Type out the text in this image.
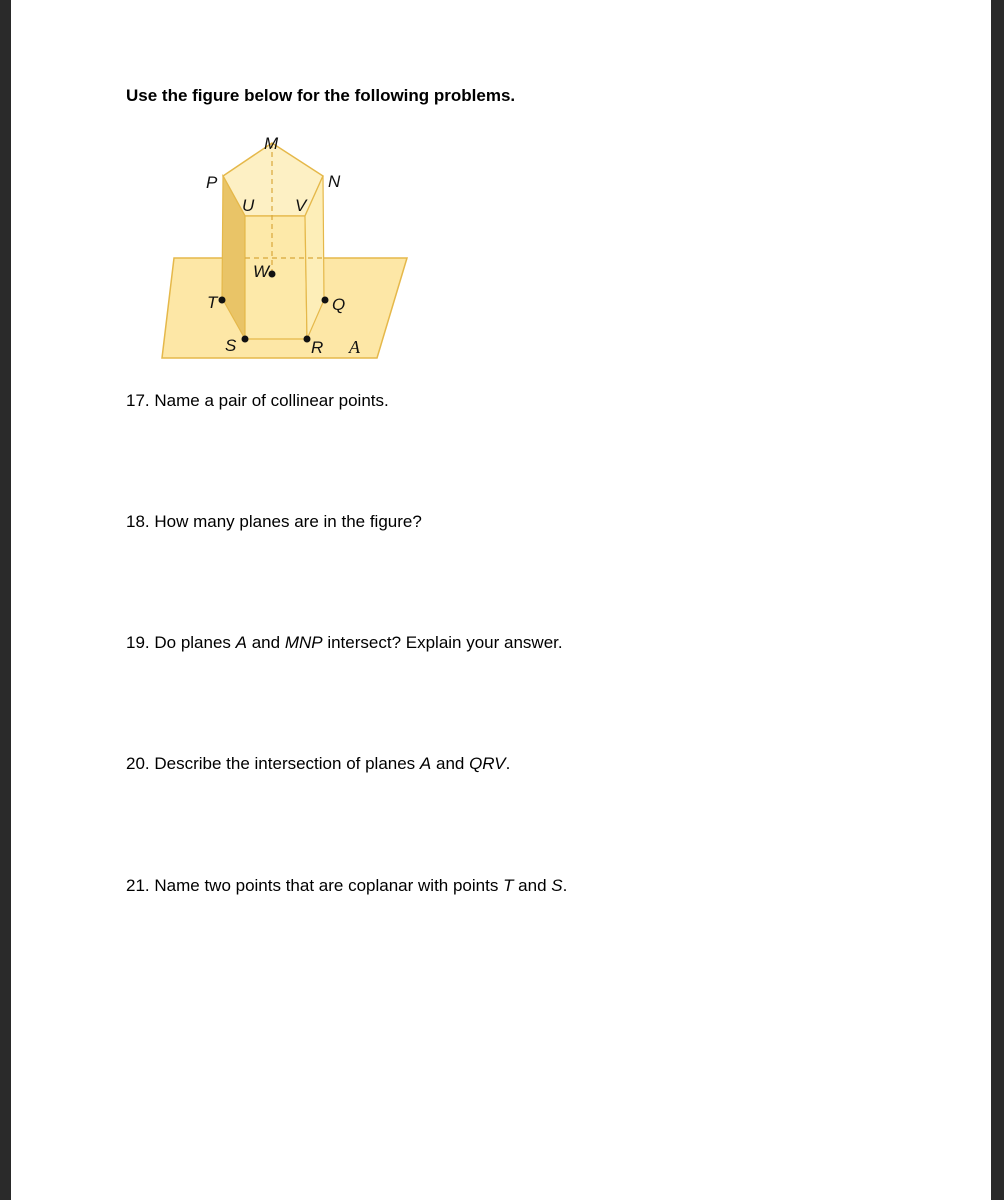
Use the figure below for the following problems.

M
N
P
U V
W
T	Q
S	R A

17. Name a pair of collinear points.

18. How many planes are in the figure?

19. Do planes A and MNP intersect? Explain your answer.

20. Describe the intersection of planes A and QRV.

21. Name two points that are coplanar with points T and S.
